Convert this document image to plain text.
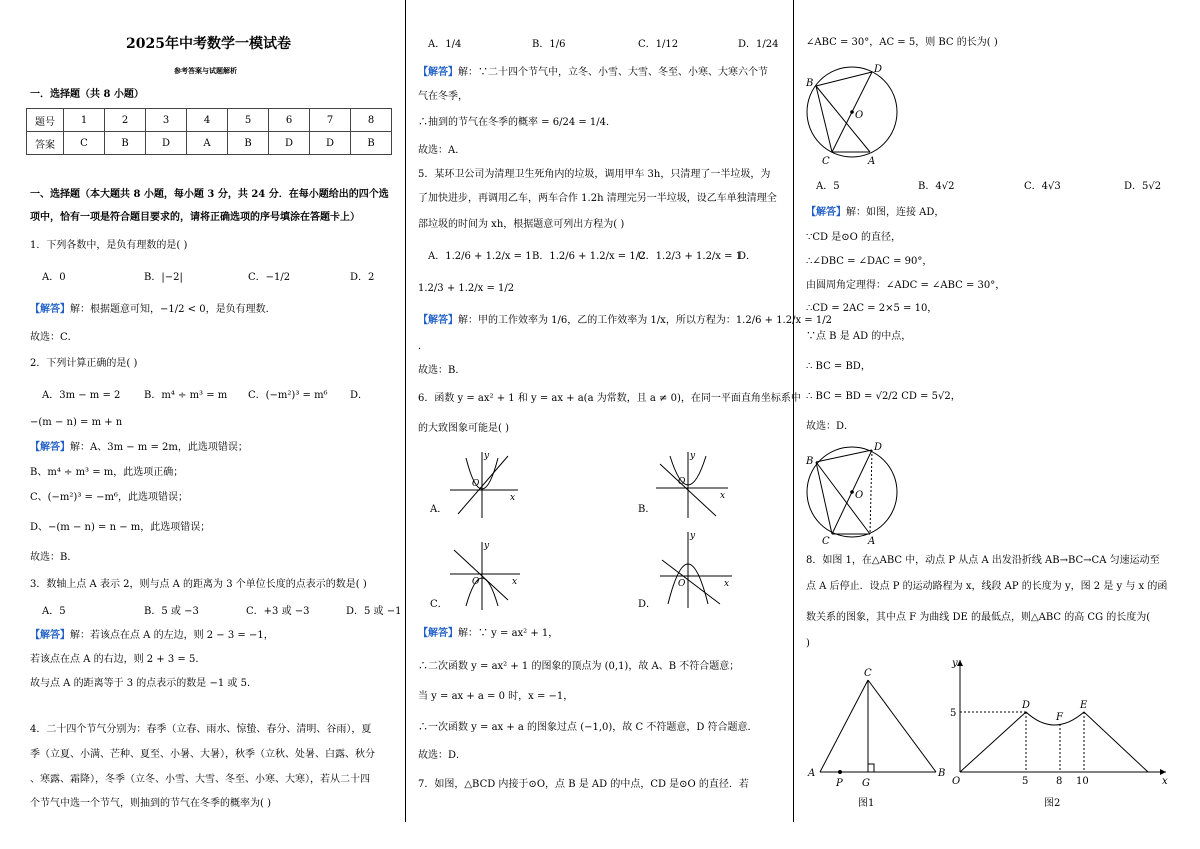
2025年中考数学一模试卷
参考答案与试题解析
一．选择题（共 8 小题）
题号	1	2	3	4	5	6	7	8
答案	C	B	D	A	B	D	D	B
一、选择题（本大题共 8 小题，每小题 3 分，共 24 分．在每小题给出的四个选
项中，恰有一项是符合题目要求的，请将正确选项的序号填涂在答题卡上）
1．下列各数中，是负有理数的是( )
A．0	B．|−2|	C．−1/2	D．2
【解答】解：根据题意可知，−1/2 < 0，是负有理数．
故选：C．
2．下列计算正确的是( )
A．3m − m = 2 B．m⁴ ÷ m³ = m C．(−m²)³ = m⁶ D．
−(m − n) = m + n
【解答】解：A、3m − m = 2m，此选项错误；
B、m⁴ ÷ m³ = m，此选项正确；
C、(−m²)³ = −m⁶，此选项错误；
D、−(m − n) = n − m，此选项错误；
故选：B．
3．数轴上点 A 表示 2，则与点 A 的距离为 3 个单位长度的点表示的数是( )
A．5	B．5 或 −3	C．+3 或 −3	D．5 或 −1
【解答】解：若该点在点 A 的左边，则 2 − 3 = −1，
若该点在点 A 的右边，则 2 + 3 = 5．
故与点 A 的距离等于 3 的点表示的数是 −1 或 5．
4．二十四个节气分别为：春季（立春、雨水、惊蛰、春分、清明、谷雨），夏
季（立夏、小满、芒种、夏至、小暑、大暑），秋季（立秋、处暑、白露、秋分
、寒露、霜降），冬季（立冬、小雪、大雪、冬至、小寒、大寒），若从二十四
个节气中选一个节气，则抽到的节气在冬季的概率为( )
A．1/4	B．1/6	C．1/12	D．1/24
【解答】解：∵二十四个节气中，立冬、小雪、大雪、冬至、小寒、大寒六个节
气在冬季，
∴抽到的节气在冬季的概率 = 6/24 = 1/4．
故选：A．
5．某环卫公司为清理卫生死角内的垃圾，调用甲车 3h，只清理了一半垃圾，为
了加快进步，再调用乙车，两车合作 1.2h 清理完另一半垃圾，设乙车单独清理全
部垃圾的时间为 xh，根据题意可列出方程为( )
A．1.2/6 + 1.2/x = 1 B．1.2/6 + 1.2/x = 1/2
C．1.2/3 + 1.2/x = 1
D．
1.2/3 + 1.2/x = 1/2
【解答】解：甲的工作效率为 1/6，乙的工作效率为 1/x，所以方程为：1.2/6 + 1.2/x = 1/2
．
故选：B．
6．函数 y = ax² + 1 和 y = ax + a(a 为常数，且 a ≠ 0)，在同一平面直角坐标系中
的大致图象可能是( )
A．
y
x
O
B．
y
x
O
C．
y
x
O
D．
y
x
O
【解答】解：∵ y = ax² + 1，
∴二次函数 y = ax² + 1 的图象的顶点为 (0,1)，故 A、B 不符合题意；
当 y = ax + a = 0 时，x = −1，
∴一次函数 y = ax + a 的图象过点 (−1,0)，故 C 不符题意，D 符合题意．
故选：D．
7．如图，△BCD 内接于⊙O，点 B 是 AD 的中点，CD 是⊙O 的直径．若
∠ABC = 30°，AC = 5，则 BC 的长为( )
B
D
O
C	A
A．5	B．4√2	C．4√3	D．5√2
【解答】解：如图，连接 AD，
∵CD 是⊙O 的直径，
∴∠DBC = ∠DAC = 90°，
由圆周角定理得：∠ADC = ∠ABC = 30°，
∴CD = 2AC = 2×5 = 10，
∵点 B 是 AD 的中点，
∴ BC = BD，
∴ BC = BD = √2/2 CD = 5√2，
故选：D．
B
D
O
C	A
8．如图 1，在△ABC 中，动点 P 从点 A 出发沿折线 AB→BC→CA 匀速运动至
点 A 后停止．设点 P 的运动路程为 x，线段 AP 的长度为 y，图 2 是 y 与 x 的函
数关系的图象，其中点 F 为曲线 DE 的最低点，则△ABC 的高 CG 的长度为(
)
C
A
P G
B
图1
y
x
O
D
F
E
5
5	8 10
图2
